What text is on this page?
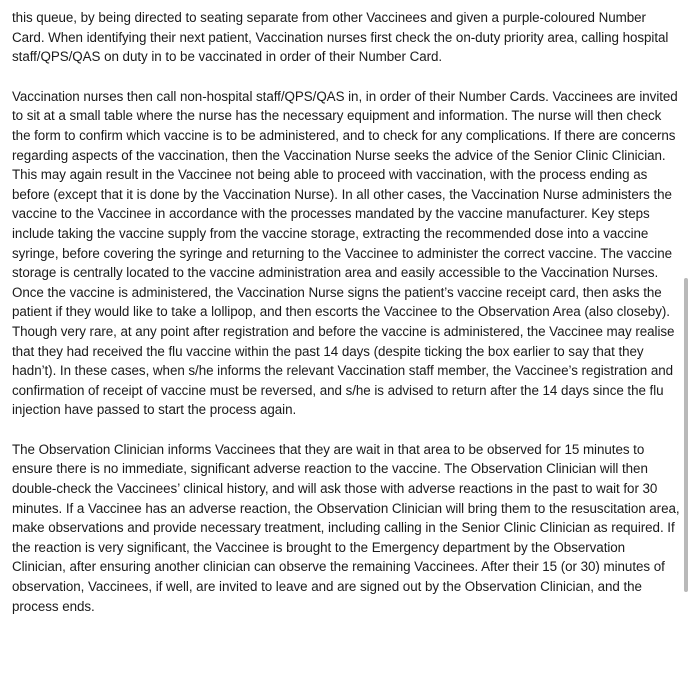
this queue, by being directed to seating separate from other Vaccinees and given a purple-coloured Number Card. When identifying their next patient, Vaccination nurses first check the on-duty priority area, calling hospital staff/QPS/QAS on duty in to be vaccinated in order of their Number Card.

Vaccination nurses then call non-hospital staff/QPS/QAS in, in order of their Number Cards. Vaccinees are invited to sit at a small table where the nurse has the necessary equipment and information. The nurse will then check the form to confirm which vaccine is to be administered, and to check for any complications. If there are concerns regarding aspects of the vaccination, then the Vaccination Nurse seeks the advice of the Senior Clinic Clinician. This may again result in the Vaccinee not being able to proceed with vaccination, with the process ending as before (except that it is done by the Vaccination Nurse). In all other cases, the Vaccination Nurse administers the vaccine to the Vaccinee in accordance with the processes mandated by the vaccine manufacturer. Key steps include taking the vaccine supply from the vaccine storage, extracting the recommended dose into a vaccine syringe, before covering the syringe and returning to the Vaccinee to administer the correct vaccine. The vaccine storage is centrally located to the vaccine administration area and easily accessible to the Vaccination Nurses. Once the vaccine is administered, the Vaccination Nurse signs the patient’s vaccine receipt card, then asks the patient if they would like to take a lollipop, and then escorts the Vaccinee to the Observation Area (also closeby). Though very rare, at any point after registration and before the vaccine is administered, the Vaccinee may realise that they had received the flu vaccine within the past 14 days (despite ticking the box earlier to say that they hadn’t). In these cases, when s/he informs the relevant Vaccination staff member, the Vaccinee’s registration and confirmation of receipt of vaccine must be reversed, and s/he is advised to return after the 14 days since the flu injection have passed to start the process again.

The Observation Clinician informs Vaccinees that they are wait in that area to be observed for 15 minutes to ensure there is no immediate, significant adverse reaction to the vaccine. The Observation Clinician will then double-check the Vaccinees’ clinical history, and will ask those with adverse reactions in the past to wait for 30 minutes. If a Vaccinee has an adverse reaction, the Observation Clinician will bring them to the resuscitation area, make observations and provide necessary treatment, including calling in the Senior Clinic Clinician as required. If the reaction is very significant, the Vaccinee is brought to the Emergency department by the Observation Clinician, after ensuring another clinician can observe the remaining Vaccinees. After their 15 (or 30) minutes of observation, Vaccinees, if well, are invited to leave and are signed out by the Observation Clinician, and the process ends.
